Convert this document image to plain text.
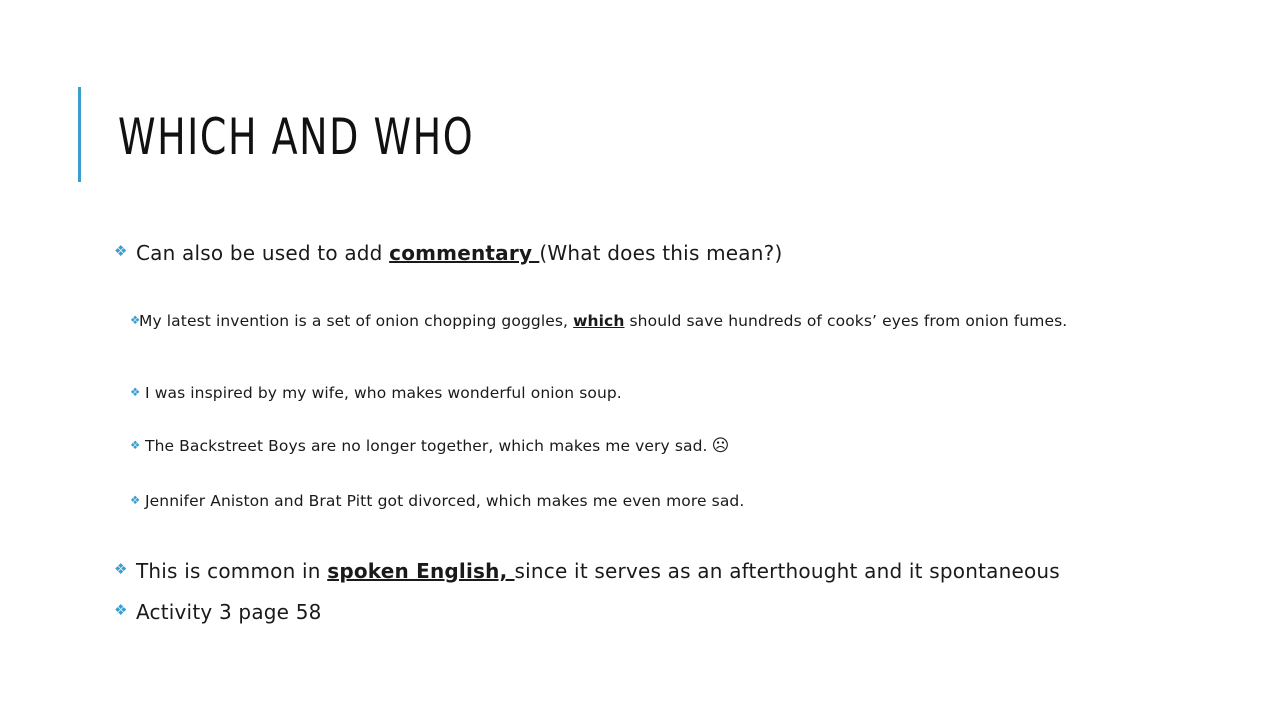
WHICH AND WHO
❖ Can also be used to add commentary (What does this mean?)
❖
My latest invention is a set of onion chopping goggles, which should save hundreds of cooks’ eyes from onion fumes.
❖ I was inspired by my wife, who makes wonderful onion soup.
❖ The Backstreet Boys are no longer together, which makes me very sad. ☹
❖ Jennifer Aniston and Brat Pitt got divorced, which makes me even more sad.
❖ This is common in spoken English, since it serves as an afterthought and it spontaneous
❖ Activity 3 page 58
